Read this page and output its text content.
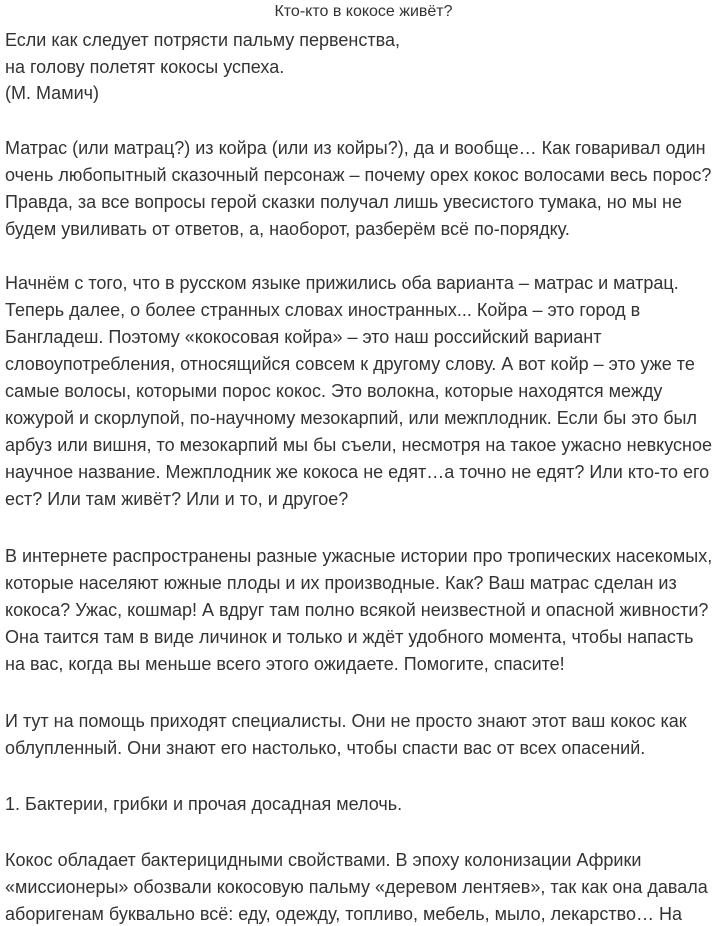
Кто-кто в кокосе живёт?
Если как следует потрясти пальму первенства,
на голову полетят кокосы успеха.
(М. Мамич)
Матрас (или матрац?) из койра (или из койры?), да и вообще… Как говаривал один
очень любопытный сказочный персонаж – почему орех кокос волосами весь порос?
Правда, за все вопросы герой сказки получал лишь увесистого тумака, но мы не
будем увиливать от ответов, а, наоборот, разберём всё по-порядку.
Начнём с того, что в русском языке прижились оба варианта – матрас и матрац.
Теперь далее, о более странных словах иностранных... Койра – это город в
Бангладеш. Поэтому «кокосовая койра» – это наш российский вариант
словоупотребления, относящийся совсем к другому слову. А вот койр – это уже те
самые волосы, которыми порос кокос. Это волокна, которые находятся между
кожурой и скорлупой, по-научному мезокарпий, или межплодник. Если бы это был
арбуз или вишня, то мезокарпий мы бы съели, несмотря на такое ужасно невкусное
научное название. Межплодник же кокоса не едят…а точно не едят? Или кто-то его
ест? Или там живёт? Или и то, и другое?
В интернете распространены разные ужасные истории про тропических насекомых,
которые населяют южные плоды и их производные. Как? Ваш матрас сделан из
кокоса? Ужас, кошмар! А вдруг там полно всякой неизвестной и опасной живности?
Она таится там в виде личинок и только и ждёт удобного момента, чтобы напасть
на вас, когда вы меньше всего этого ожидаете. Помогите, спасите!
И тут на помощь приходят специалисты. Они не просто знают этот ваш кокос как
облупленный. Они знают его настолько, чтобы спасти вас от всех опасений.
1. Бактерии, грибки и прочая досадная мелочь.
Кокос обладает бактерицидными свойствами. В эпоху колонизации Африки
«миссионеры» обозвали кокосовую пальму «деревом лентяев», так как она давала
аборигенам буквально всё: еду, одежду, топливо, мебель, мыло, лекарство… На
